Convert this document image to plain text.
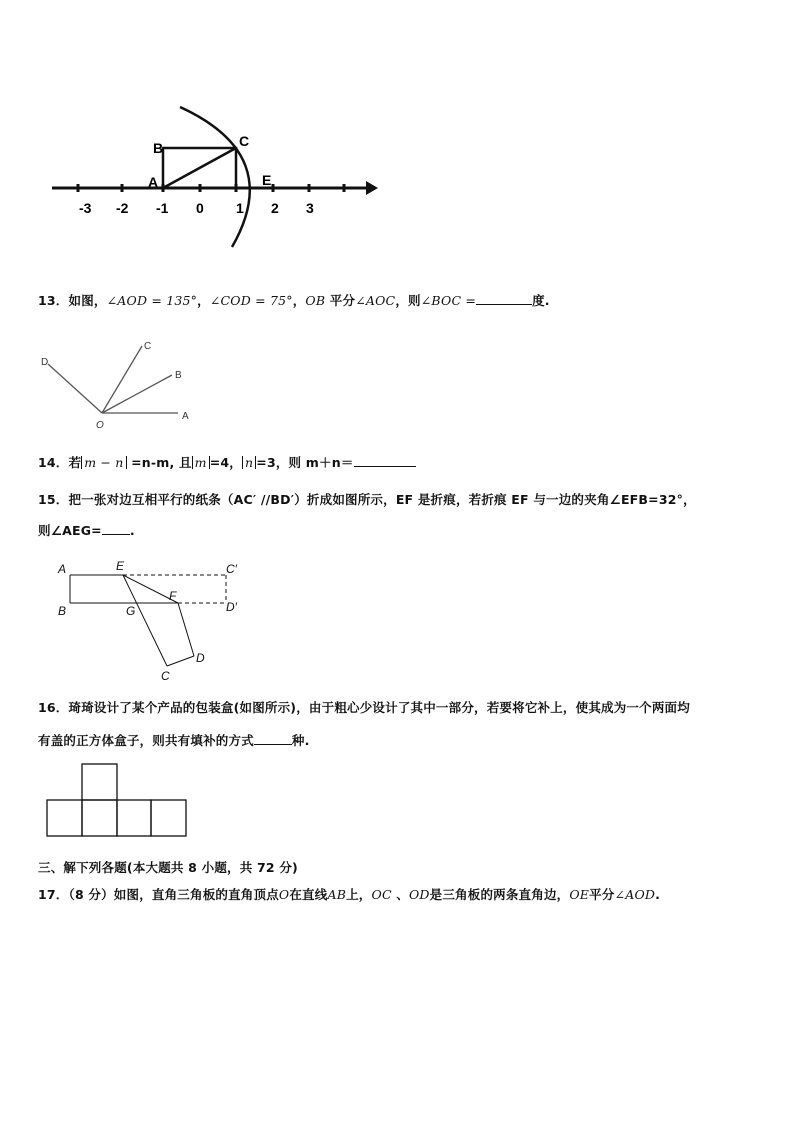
B	C
A	E
-3 -2 -1 0 1 2 3
13．如图，∠AOD = 135°，∠COD = 75°，OB 平分∠AOC，则∠BOC =	度.
D
C
B
A
O
14．若 m − n =n-m, 且 m =4， n =3，则 m＋n＝
15．把一张对边互相平行的纸条（AC′ //BD′）折成如图所示，EF 是折痕，若折痕 EF 与一边的夹角∠EFB=32°，
则∠AEG= .
A	E	C′
B	G
F
D′
C
D
16．琦琦设计了某个产品的包装盒(如图所示)，由于粗心少设计了其中一部分，若要将它补上，使其成为一个两面均
有盖的正方体盒子，则共有填补的方式	种.
三、解下列各题(本大题共 8 小题，共 72 分)
17．（8 分）如图，直角三角板的直角顶点O在直线AB上，OC 、OD是三角板的两条直角边，OE平分∠AOD.
